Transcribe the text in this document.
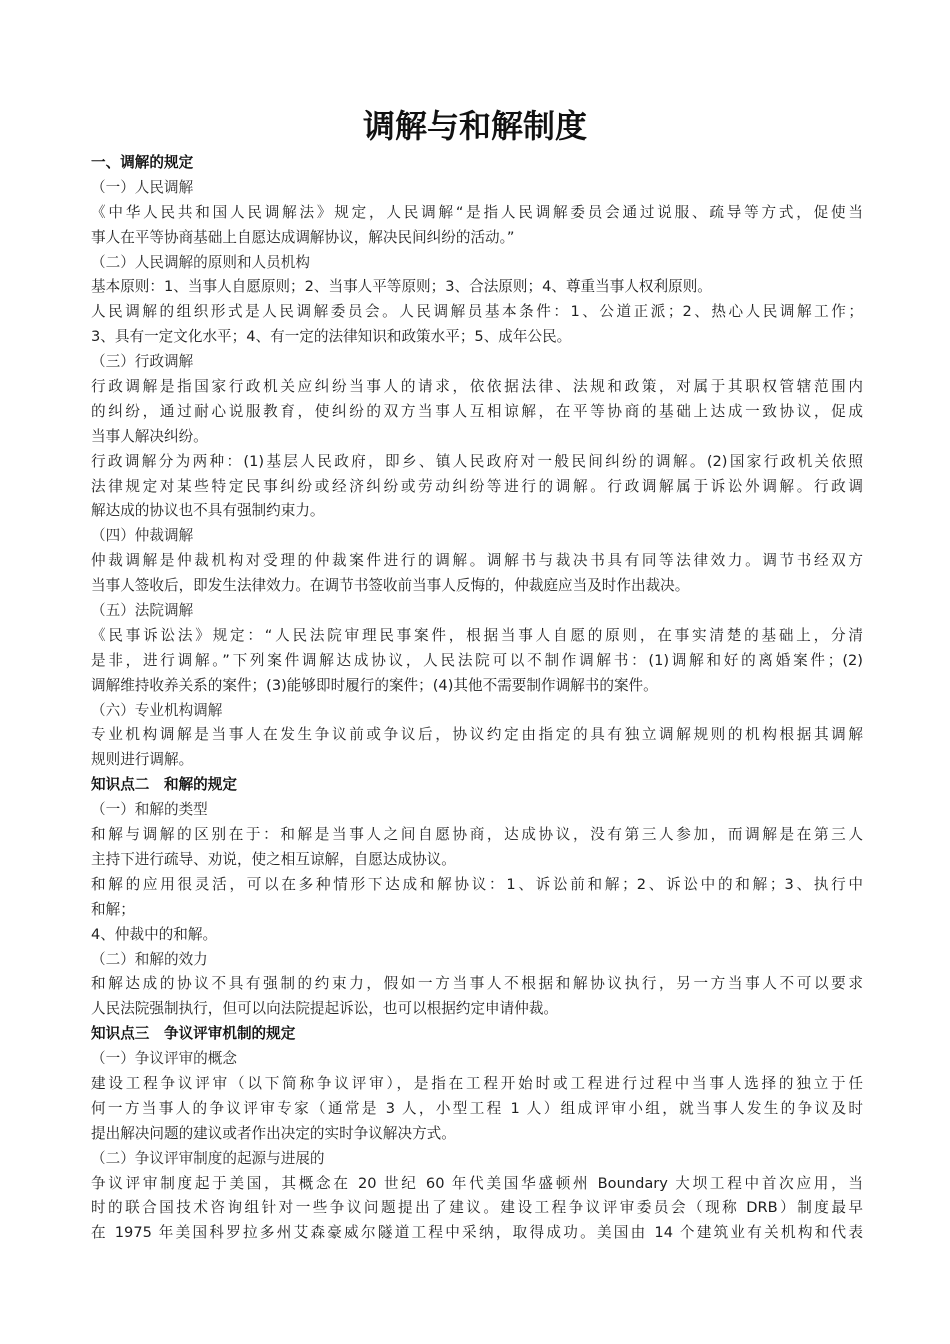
调解与和解制度
一、调解的规定
（一）人民调解
《中华人民共和国人民调解法》规定，人民调解“是指人民调解委员会通过说服、疏导等方式，促使当
事人在平等协商基础上自愿达成调解协议，解决民间纠纷的活动。”
（二）人民调解的原则和人员机构
基本原则：1、当事人自愿原则；2、当事人平等原则；3、合法原则；4、尊重当事人权利原则。
人民调解的组织形式是人民调解委员会。人民调解员基本条件：1、公道正派；2、热心人民调解工作；
3、具有一定文化水平；4、有一定的法律知识和政策水平；5、成年公民。
（三）行政调解
行政调解是指国家行政机关应纠纷当事人的请求，依依据法律、法规和政策，对属于其职权管辖范围内
的纠纷，通过耐心说服教育，使纠纷的双方当事人互相谅解，在平等协商的基础上达成一致协议，促成
当事人解决纠纷。
行政调解分为两种：(1)基层人民政府，即乡、镇人民政府对一般民间纠纷的调解。(2)国家行政机关依照
法律规定对某些特定民事纠纷或经济纠纷或劳动纠纷等进行的调解。行政调解属于诉讼外调解。行政调
解达成的协议也不具有强制约束力。
（四）仲裁调解
仲裁调解是仲裁机构对受理的仲裁案件进行的调解。调解书与裁决书具有同等法律效力。调节书经双方
当事人签收后，即发生法律效力。在调节书签收前当事人反悔的，仲裁庭应当及时作出裁决。
（五）法院调解
《民事诉讼法》规定：“人民法院审理民事案件，根据当事人自愿的原则，在事实清楚的基础上，分清
是非，进行调解。”下列案件调解达成协议，人民法院可以不制作调解书：(1)调解和好的离婚案件；(2)
调解维持收养关系的案件；(3)能够即时履行的案件；(4)其他不需要制作调解书的案件。
（六）专业机构调解
专业机构调解是当事人在发生争议前或争议后，协议约定由指定的具有独立调解规则的机构根据其调解
规则进行调解。
知识点二　和解的规定
（一）和解的类型
和解与调解的区别在于：和解是当事人之间自愿协商，达成协议，没有第三人参加，而调解是在第三人
主持下进行疏导、劝说，使之相互谅解，自愿达成协议。
和解的应用很灵活，可以在多种情形下达成和解协议：1、诉讼前和解；2、诉讼中的和解；3、执行中
和解；
4、仲裁中的和解。
（二）和解的效力
和解达成的协议不具有强制的约束力，假如一方当事人不根据和解协议执行，另一方当事人不可以要求
人民法院强制执行，但可以向法院提起诉讼，也可以根据约定申请仲裁。
知识点三　争议评审机制的规定
（一）争议评审的概念
建设工程争议评审（以下简称争议评审），是指在工程开始时或工程进行过程中当事人选择的独立于任
何一方当事人的争议评审专家（通常是 3 人，小型工程 1 人）组成评审小组，就当事人发生的争议及时
提出解决问题的建议或者作出决定的实时争议解决方式。
（二）争议评审制度的起源与进展的
争议评审制度起于美国，其概念在 20 世纪 60 年代美国华盛顿州 Boundary 大坝工程中首次应用，当
时的联合国技术咨询组针对一些争议问题提出了建议。建设工程争议评审委员会（现称 DRB）制度最早
在 1975 年美国科罗拉多州艾森豪威尔隧道工程中采纳，取得成功。美国由 14 个建筑业有关机构和代表
